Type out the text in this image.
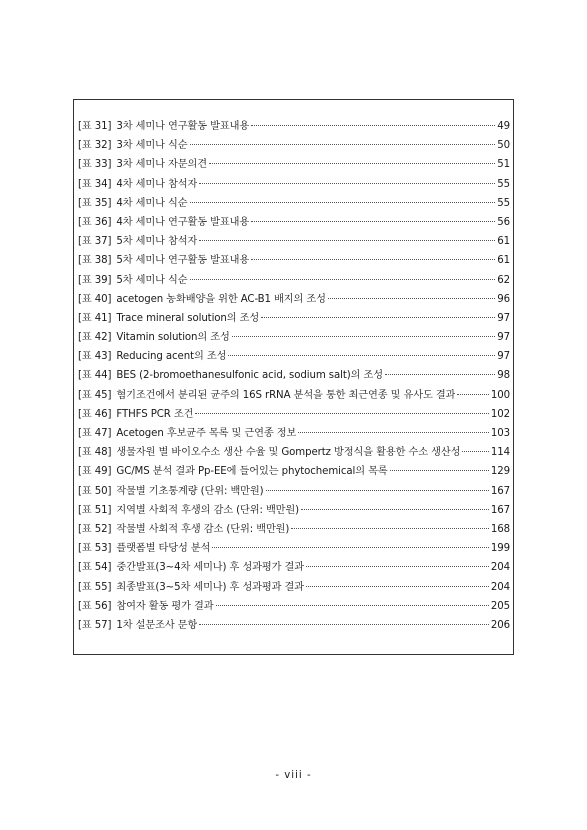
[표 31] 3차 세미나 연구활동 발표내용	49
[표 32] 3차 세미나 식순	50
[표 33] 3차 세미나 자문의견	51
[표 34] 4차 세미나 참석자	55
[표 35] 4차 세미나 식순	55
[표 36] 4차 세미나 연구활동 발표내용	56
[표 37] 5차 세미나 참석자	61
[표 38] 5차 세미나 연구활동 발표내용	61
[표 39] 5차 세미나 식순	62
[표 40] acetogen 농화배양을 위한 AC-B1 배지의 조성	96
[표 41] Trace mineral solution의 조성	97
[표 42] Vitamin solution의 조성	97
[표 43] Reducing acent의 조성	97
[표 44] BES (2-bromoethanesulfonic acid, sodium salt)의 조성	98
[표 45] 혐기조건에서 분리된 균주의 16S rRNA 분석을 통한 최근연종 및 유사도 결과	100
[표 46] FTHFS PCR 조건	102
[표 47] Acetogen 후보균주 목록 및 근연종 정보	103
[표 48] 생물자원 별 바이오수소 생산 수율 및 Gompertz 방정식을 활용한 수소 생산성	114
[표 49] GC/MS 분석 결과 Pp-EE에 들어있는 phytochemical의 목록	129
[표 50] 작물별 기초통계량 (단위: 백만원)	167
[표 51] 지역별 사회적 후생의 감소 (단위: 백만원)	167
[표 52] 작물별 사회적 후생 감소 (단위: 백만원)	168
[표 53] 플랫폼별 타당성 분석	199
[표 54] 중간발표(3~4차 세미나) 후 성과평가 결과	204
[표 55] 최종발표(3~5차 세미나) 후 성과평과 결과	204
[표 56] 참여자 활동 평가 결과	205
[표 57] 1차 설문조사 문항	206
- viii -
